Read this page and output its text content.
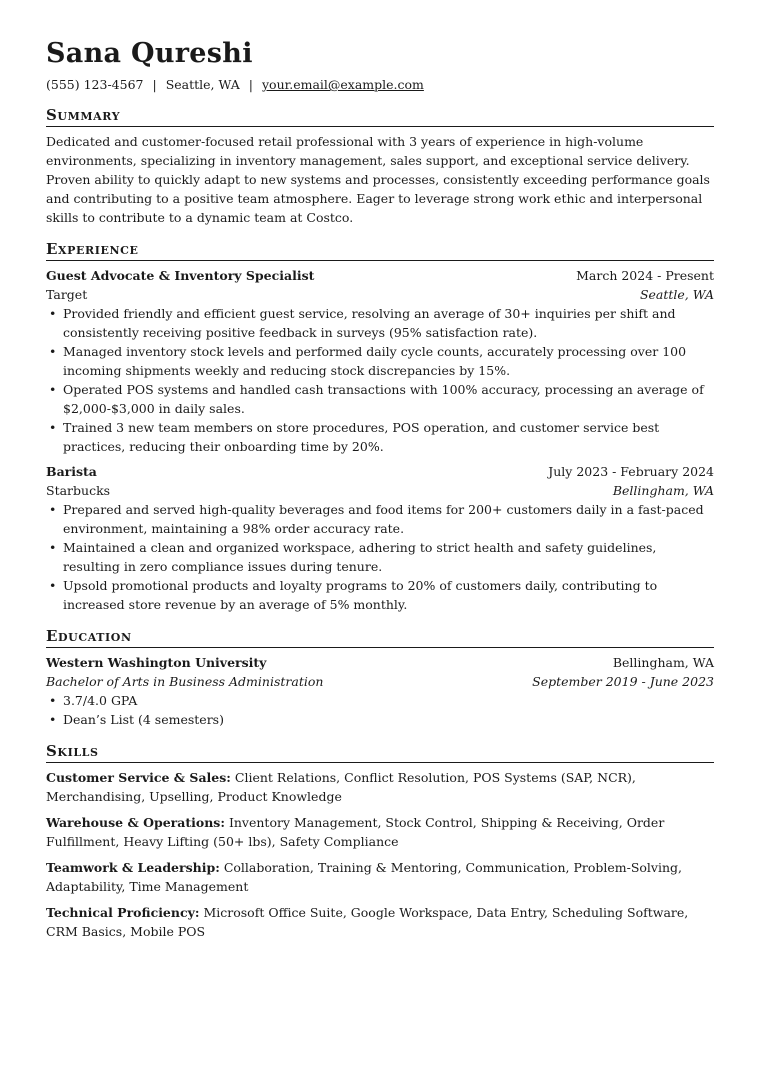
Sana Qureshi
(555) 123-4567 | Seattle, WA | your.email@example.com
Summary

Dedicated and customer-focused retail professional with 3 years of experience in high-volume environments, specializing in inventory management, sales support, and exceptional service delivery. Proven ability to quickly adapt to new systems and processes, consistently exceeding performance goals and contributing to a positive team atmosphere. Eager to leverage strong work ethic and interpersonal skills to contribute to a dynamic team at Costco.

Experience
Guest Advocate & Inventory Specialist	March 2024 - Present
Target	Seattle, WA
• Provided friendly and efficient guest service, resolving an average of 30+ inquiries per shift and consistently receiving positive feedback in surveys (95% satisfaction rate).
• Managed inventory stock levels and performed daily cycle counts, accurately processing over 100 incoming shipments weekly and reducing stock discrepancies by 15%.
• Operated POS systems and handled cash transactions with 100% accuracy, processing an average of $2,000-$3,000 in daily sales.
• Trained 3 new team members on store procedures, POS operation, and customer service best practices, reducing their onboarding time by 20%.
Barista	July 2023 - February 2024
Starbucks	Bellingham, WA
• Prepared and served high-quality beverages and food items for 200+ customers daily in a fast-paced environment, maintaining a 98% order accuracy rate.
• Maintained a clean and organized workspace, adhering to strict health and safety guidelines, resulting in zero compliance issues during tenure.
• Upsold promotional products and loyalty programs to 20% of customers daily, contributing to increased store revenue by an average of 5% monthly.
Education
Western Washington University	Bellingham, WA
Bachelor of Arts in Business Administration	September 2019 - June 2023
• 3.7/4.0 GPA
• Dean’s List (4 semesters)
Skills

Customer Service & Sales: Client Relations, Conflict Resolution, POS Systems (SAP, NCR), Merchandising, Upselling, Product Knowledge

Warehouse & Operations: Inventory Management, Stock Control, Shipping & Receiving, Order Fulfillment, Heavy Lifting (50+ lbs), Safety Compliance

Teamwork & Leadership: Collaboration, Training & Mentoring, Communication, Problem-Solving, Adaptability, Time Management

Technical Proficiency: Microsoft Office Suite, Google Workspace, Data Entry, Scheduling Software, CRM Basics, Mobile POS
